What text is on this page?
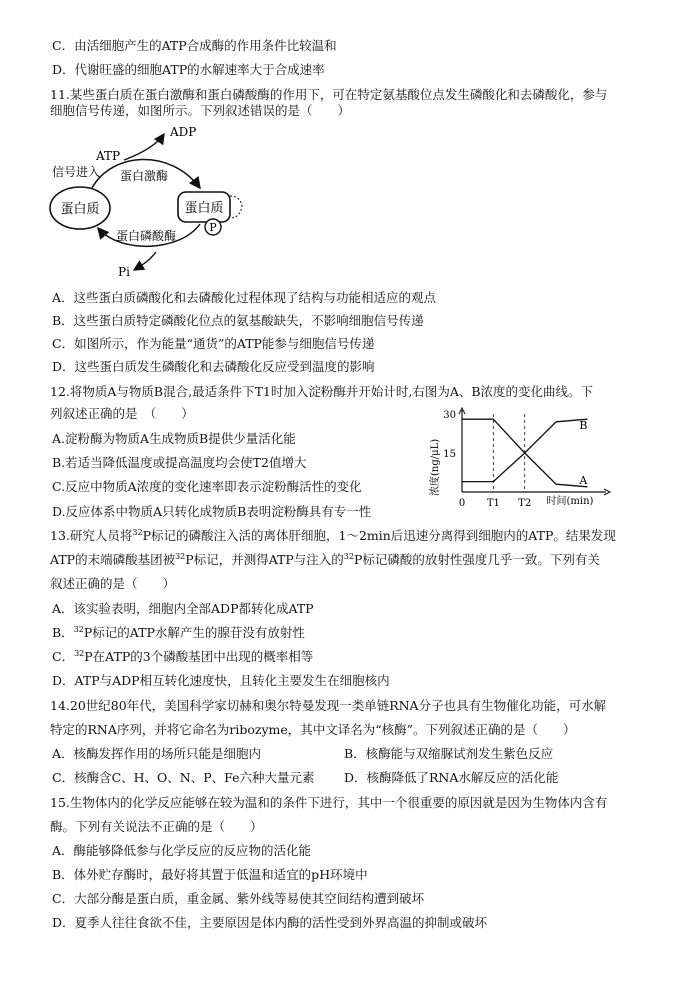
C．由活细胞产生的ATP合成酶的作用条件比较温和
D．代谢旺盛的细胞ATP的水解速率大于合成速率
11.某些蛋白质在蛋白激酶和蛋白磷酸酶的作用下，可在特定氨基酸位点发生磷酸化和去磷酸化，参与
细胞信号传递，如图所示。下列叙述错误的是（　　）
蛋白质	蛋白质
P
ADP
ATP
信号进入 蛋白激酶
蛋白磷酸酶
Pi
A．这些蛋白质磷酸化和去磷酸化过程体现了结构与功能相适应的观点
B．这些蛋白质特定磷酸化位点的氨基酸缺失，不影响细胞信号传递
C．如图所示，作为能量“通货”的ATP能参与细胞信号传递
D．这些蛋白质发生磷酸化和去磷酸化反应受到温度的影响
12.将物质A与物质B混合,最适条件下T1时加入淀粉酶并开始计时,右图为A、B浓度的变化曲线。下
列叙述正确的是　（　　）
A.淀粉酶为物质A生成物质B提供少量活化能
B.若适当降低温度或提高温度均会使T2值增大
C.反应中物质A浓度的变化速率即表示淀粉酶活性的变化
D.反应体系中物质A只转化成物质B表明淀粉酶具有专一性
30
15
浓度(ng/μL)
0 T1 T2 时间(min)
A
B
13.研究人员将$^{32}$P标记的磷酸注入活的离体肝细胞，1～2min后迅速分离得到细胞内的ATP。结果发现
ATP的末端磷酸基团被$^{32}$P标记，并测得ATP与注入的$^{32}$P标记磷酸的放射性强度几乎一致。下列有关
叙述正确的是（　　）
A．该实验表明，细胞内全部ADP都转化成ATP
B．$^{32}$P标记的ATP水解产生的腺苷没有放射性
C．$^{32}$P在ATP的3个磷酸基团中出现的概率相等
D．ATP与ADP相互转化速度快，且转化主要发生在细胞核内
14.20世纪80年代，美国科学家切赫和奥尔特曼发现一类单链RNA分子也具有生物催化功能，可水解
特定的RNA序列，并将它命名为ribozyme，其中文译名为“核酶”。下列叙述正确的是（　　）
A．核酶发挥作用的场所只能是细胞内	B．核酶能与双缩脲试剂发生紫色反应
C．核酶含C、H、O、N、P、Fe六种大量元素 D．核酶降低了RNA水解反应的活化能
15.生物体内的化学反应能够在较为温和的条件下进行，其中一个很重要的原因就是因为生物体内含有
酶。下列有关说法不正确的是（　　）
A．酶能够降低参与化学反应的反应物的活化能
B．体外贮存酶时，最好将其置于低温和适宜的pH环境中
C．大部分酶是蛋白质，重金属、紫外线等易使其空间结构遭到破坏
D．夏季人往往食欲不佳，主要原因是体内酶的活性受到外界高温的抑制或破坏
